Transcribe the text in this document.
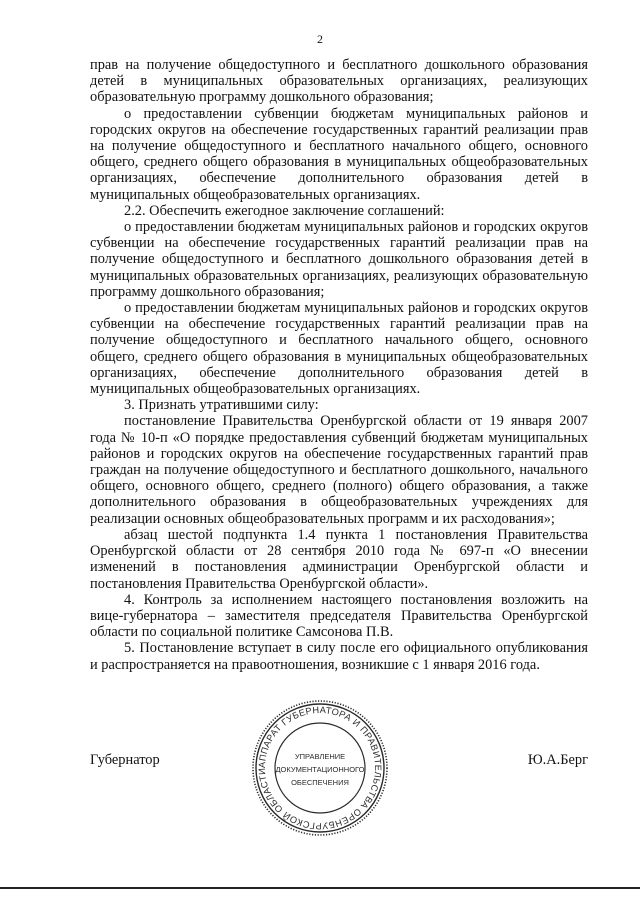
2

прав на получение общедоступного и бесплатного дошкольного образования детей в муниципальных образовательных организациях, реализующих образовательную программу дошкольного образования;

о предоставлении субвенции бюджетам муниципальных районов и городских округов на обеспечение государственных гарантий реализации прав на получение общедоступного и бесплатного начального общего, основного общего, среднего общего образования в муниципальных общеобразовательных организациях, обеспечение дополнительного образования детей в муниципальных общеобразовательных организациях.

2.2. Обеспечить ежегодное заключение соглашений:

о предоставлении бюджетам муниципальных районов и городских округов субвенции на обеспечение государственных гарантий реализации прав на получение общедоступного и бесплатного дошкольного образования детей в муниципальных образовательных организациях, реализующих образовательную программу дошкольного образования;

о предоставлении бюджетам муниципальных районов и городских округов субвенции на обеспечение государственных гарантий реализации прав на получение общедоступного и бесплатного начального общего, основного общего, среднего общего образования в муниципальных общеобразовательных организациях, обеспечение дополнительного образования детей в муниципальных общеобразовательных организациях.

3. Признать утратившими силу:

постановление Правительства Оренбургской области от 19 января 2007 года № 10-п «О порядке предоставления субвенций бюджетам муниципальных районов и городских округов на обеспечение государственных гарантий прав граждан на получение общедоступного и бесплатного дошкольного, начального общего, основного общего, среднего (полного) общего образования, а также дополнительного образования в общеобразовательных учреждениях для реализации основных общеобразовательных программ и их расходования»;

абзац шестой подпункта 1.4 пункта 1 постановления Правительства Оренбургской области от 28 сентября 2010 года № 697-п «О внесении изменений в постановления администрации Оренбургской области и постановления Правительства Оренбургской области».

4. Контроль за исполнением настоящего постановления возложить на вице-губернатора – заместителя председателя Правительства Оренбургской области по социальной политике Самсонова П.В.

5. Постановление вступает в силу после его официального опубликования и распространяется на правоотношения, возникшие с 1 января 2016 года.

Губернатор	Ю.А.Берг
АППАРАТ ГУБЕРНАТОРА И ПРАВИТЕЛЬСТВА ОРЕНБУРГСКОЙ ОБЛАСТИ
УПРАВЛЕНИЕ
ДОКУМЕНТАЦИОННОГО
ОБЕСПЕЧЕНИЯ
